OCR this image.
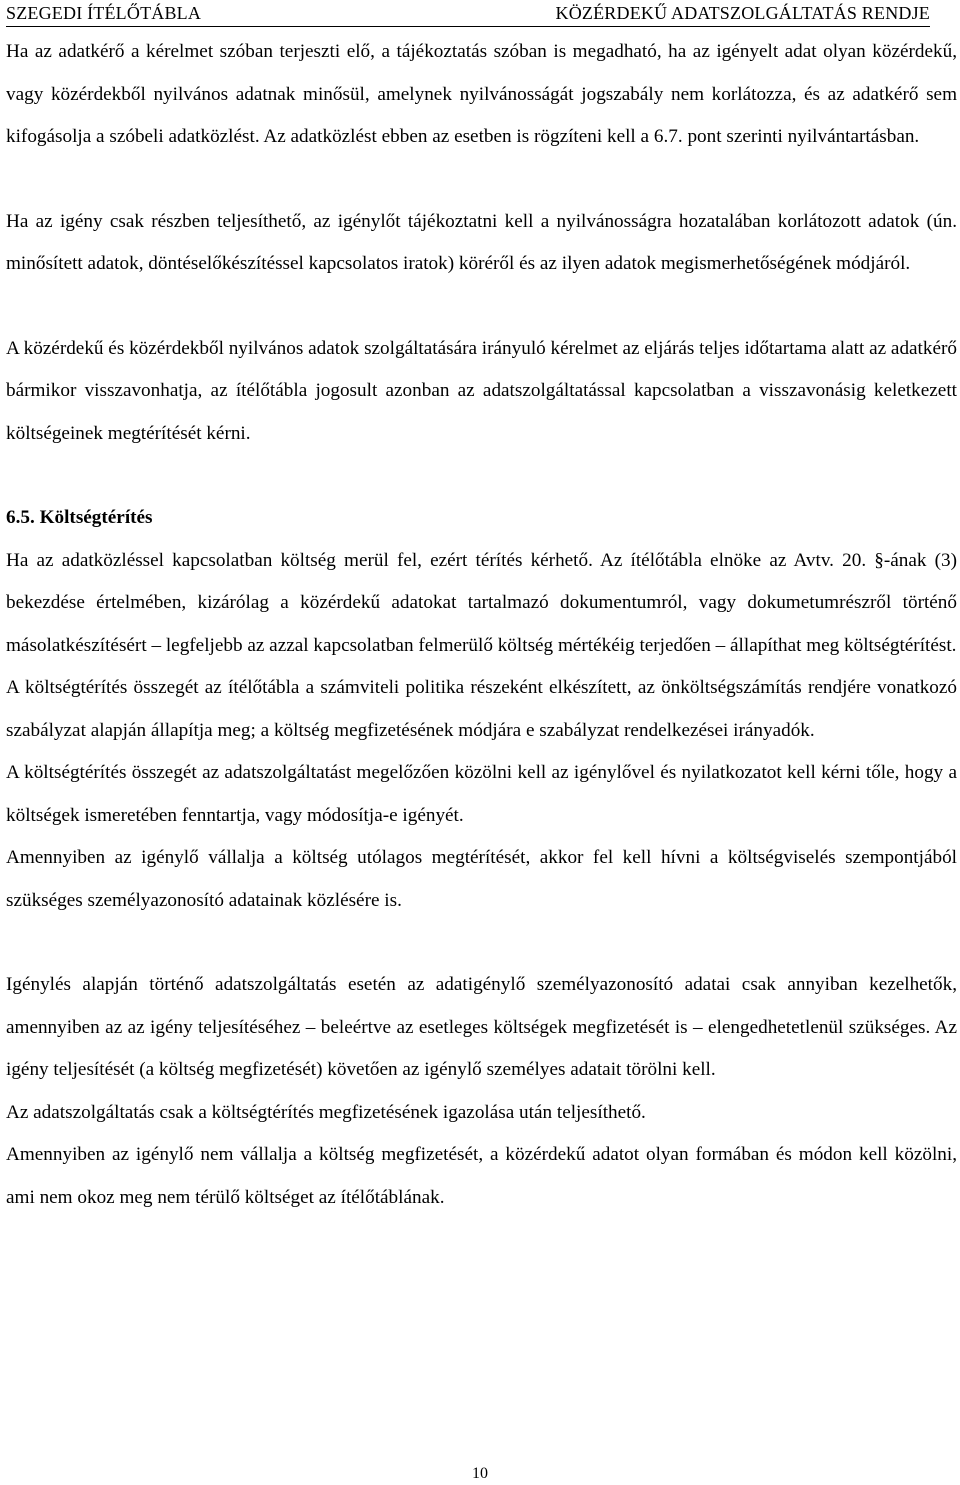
SZEGEDI ÍTÉLŐTÁBLA	KÖZÉRDEKŰ ADATSZOLGÁLTATÁS RENDJE

Ha az adatkérő a kérelmet szóban terjeszti elő, a tájékoztatás szóban is megadható, ha az igényelt adat olyan közérdekű, vagy közérdekből nyilvános adatnak minősül, amelynek nyilvánosságát jogszabály nem korlátozza, és az adatkérő sem kifogásolja a szóbeli adatközlést. Az adatközlést ebben az esetben is rögzíteni kell a 6.7. pont szerinti nyilvántartásban.

Ha az igény csak részben teljesíthető, az igénylőt tájékoztatni kell a nyilvánosságra hozatalában korlátozott adatok (ún. minősített adatok, döntéselőkészítéssel kapcsolatos iratok) köréről és az ilyen adatok megismerhetőségének módjáról.

A közérdekű és közérdekből nyilvános adatok szolgáltatására irányuló kérelmet az eljárás teljes időtartama alatt az adatkérő bármikor visszavonhatja, az ítélőtábla jogosult azonban az adatszolgáltatással kapcsolatban a visszavonásig keletkezett költségeinek megtérítését kérni.

6.5. Költségtérítés

Ha az adatközléssel kapcsolatban költség merül fel, ezért térítés kérhető. Az ítélőtábla elnöke az Avtv. 20. §-ának (3) bekezdése értelmében, kizárólag a közérdekű adatokat tartalmazó dokumentumról, vagy dokumetumrészről történő másolatkészítésért – legfeljebb az azzal kapcsolatban felmerülő költség mértékéig terjedően – állapíthat meg költségtérítést.

A költségtérítés összegét az ítélőtábla a számviteli politika részeként elkészített, az önköltségszámítás rendjére vonatkozó szabályzat alapján állapítja meg; a költség megfizetésének módjára e szabályzat rendelkezései irányadók.

A költségtérítés összegét az adatszolgáltatást megelőzően közölni kell az igénylővel és nyilatkozatot kell kérni tőle, hogy a költségek ismeretében fenntartja, vagy módosítja-e igényét.

Amennyiben az igénylő vállalja a költség utólagos megtérítését, akkor fel kell hívni a költségviselés szempontjából szükséges személyazonosító adatainak közlésére is.

Igénylés alapján történő adatszolgáltatás esetén az adatigénylő személyazonosító adatai csak annyiban kezelhetők, amennyiben az az igény teljesítéséhez – beleértve az esetleges költségek megfizetését is – elengedhetetlenül szükséges. Az igény teljesítését (a költség megfizetését) követően az igénylő személyes adatait törölni kell.

Az adatszolgáltatás csak a költségtérítés megfizetésének igazolása után teljesíthető.

Amennyiben az igénylő nem vállalja a költség megfizetését, a közérdekű adatot olyan formában és módon kell közölni, ami nem okoz meg nem térülő költséget az ítélőtáblának.

10
